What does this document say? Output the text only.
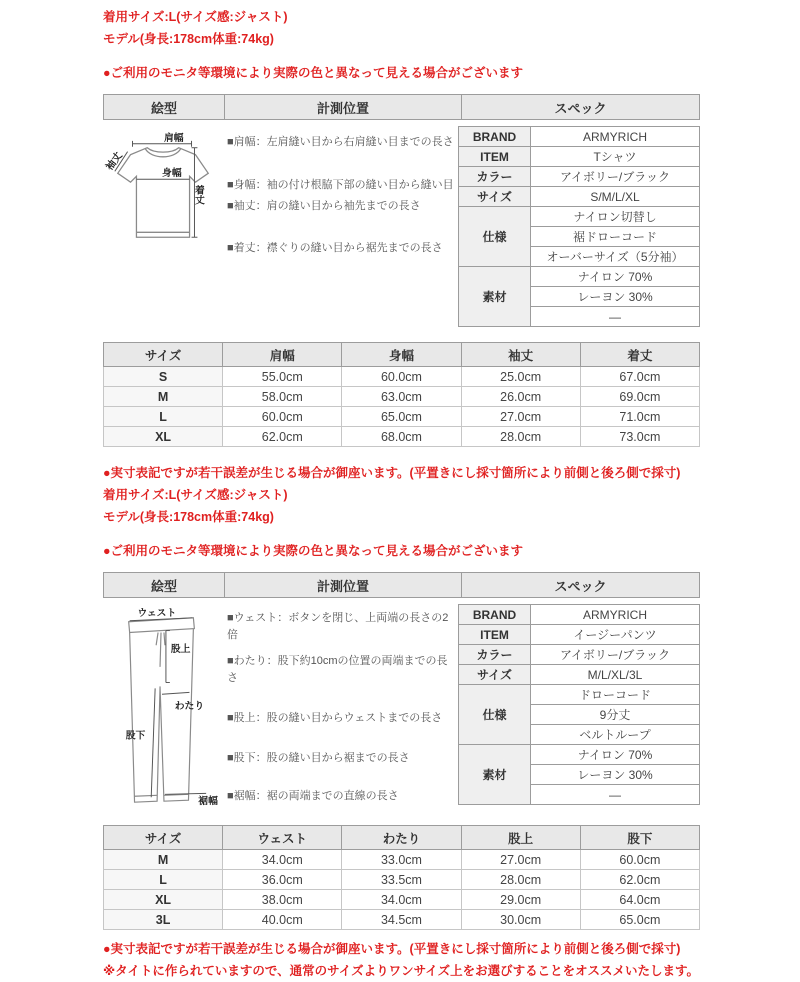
着用サイズ:L(サイズ感:ジャスト)
モデル(身長:178cm体重:74kg)
●ご利用のモニタ等環境により実際の色と異なって見える場合がございます
絵型	計測位置	スペック
肩幅
袖丈
身幅
着丈
■肩幅：左肩縫い目から右肩縫い目までの長さ
■身幅：袖の付け根脇下部の縫い目から縫い目
■袖丈：肩の縫い目から袖先までの長さ
■着丈：襟ぐりの縫い目から裾先までの長さ
BRAND	ARMYRICH
ITEM	Tシャツ
カラー	アイボリー/ブラック
サイズ	S/M/L/XL
仕様	ナイロン切替し
	裾ドローコード
	オーバーサイズ（5分袖）
素材	ナイロン 70%
	レーヨン 30%
	—
サイズ	肩幅	身幅	袖丈	着丈
S	55.0cm	60.0cm	25.0cm	67.0cm
M	58.0cm	63.0cm	26.0cm	69.0cm
L	60.0cm	65.0cm	27.0cm	71.0cm
XL	62.0cm	68.0cm	28.0cm	73.0cm
●実寸表記ですが若干誤差が生じる場合が御座います。(平置きにし採寸箇所により前側と後ろ側で採寸)
着用サイズ:L(サイズ感:ジャスト)
モデル(身長:178cm体重:74kg)
●ご利用のモニタ等環境により実際の色と異なって見える場合がございます
絵型	計測位置	スペック
ウェスト
股上
わたり
股下
裾幅
■ウェスト：ボタンを閉じ、上両端の長さの2倍
■わたり：股下約10cmの位置の両端までの長さ
■股上：股の縫い目からウェストまでの長さ
■股下：股の縫い目から裾までの長さ
■裾幅：裾の両端までの直線の長さ
BRAND	ARMYRICH
ITEM	イージーパンツ
カラー	アイボリー/ブラック
サイズ	M/L/XL/3L
仕様	ドローコード
	9分丈
	ベルトループ
素材	ナイロン 70%
	レーヨン 30%
	—
サイズ	ウェスト	わたり	股上	股下
M	34.0cm	33.0cm	27.0cm	60.0cm
L	36.0cm	33.5cm	28.0cm	62.0cm
XL	38.0cm	34.0cm	29.0cm	64.0cm
3L	40.0cm	34.5cm	30.0cm	65.0cm
●実寸表記ですが若干誤差が生じる場合が御座います。(平置きにし採寸箇所により前側と後ろ側で採寸)
※タイトに作られていますので、通常のサイズよりワンサイズ上をお選びすることをオススメいたします。
